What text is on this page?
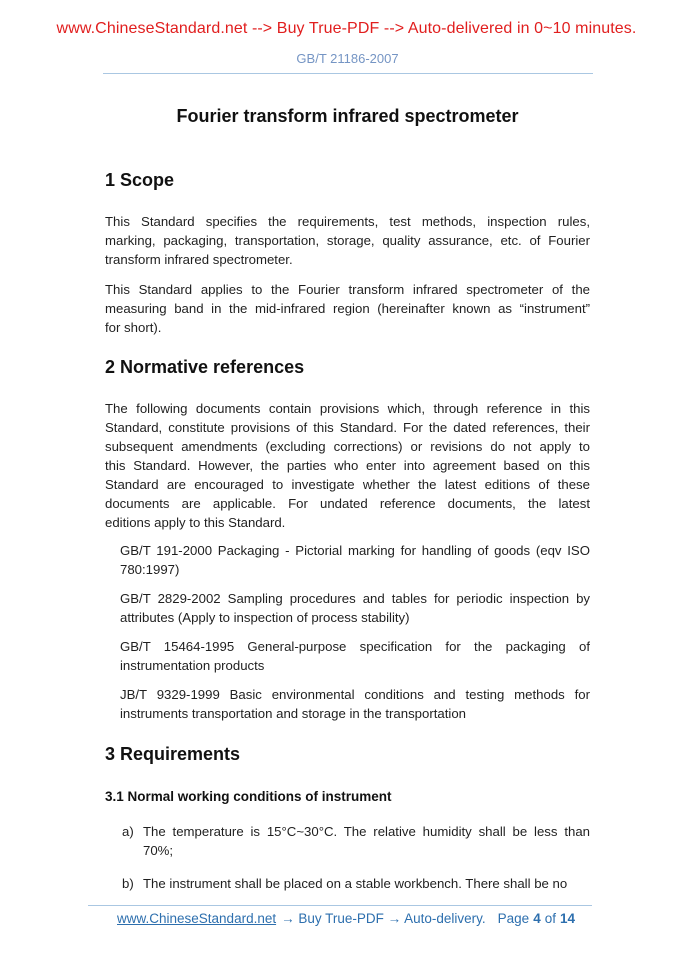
www.ChineseStandard.net --> Buy True-PDF --> Auto-delivered in 0~10 minutes.
GB/T 21186-2007
Fourier transform infrared spectrometer
1 Scope
This Standard specifies the requirements, test methods, inspection rules,
marking, packaging, transportation, storage, quality assurance, etc. of Fourier
transform infrared spectrometer.
This Standard applies to the Fourier transform infrared spectrometer of the
measuring band in the mid-infrared region (hereinafter known as “instrument”
for short).
2 Normative references
The following documents contain provisions which, through reference in this
Standard, constitute provisions of this Standard. For the dated references, their
subsequent amendments (excluding corrections) or revisions do not apply to
this Standard. However, the parties who enter into agreement based on this
Standard are encouraged to investigate whether the latest editions of these
documents are applicable. For undated reference documents, the latest
editions apply to this Standard.
GB/T 191-2000 Packaging - Pictorial marking for handling of goods (eqv ISO
780:1997)
GB/T 2829-2002 Sampling procedures and tables for periodic inspection by
attributes (Apply to inspection of process stability)
GB/T 15464-1995 General-purpose specification for the packaging of
instrumentation products
JB/T 9329-1999 Basic environmental conditions and testing methods for
instruments transportation and storage in the transportation
3 Requirements
3.1 Normal working conditions of instrument
a) The temperature is 15°C~30°C. The relative humidity shall be less than
70%;
b) The instrument shall be placed on a stable workbench. There shall be no
www.ChineseStandard.net → Buy True-PDF → Auto-delivery. Page 4 of 14
